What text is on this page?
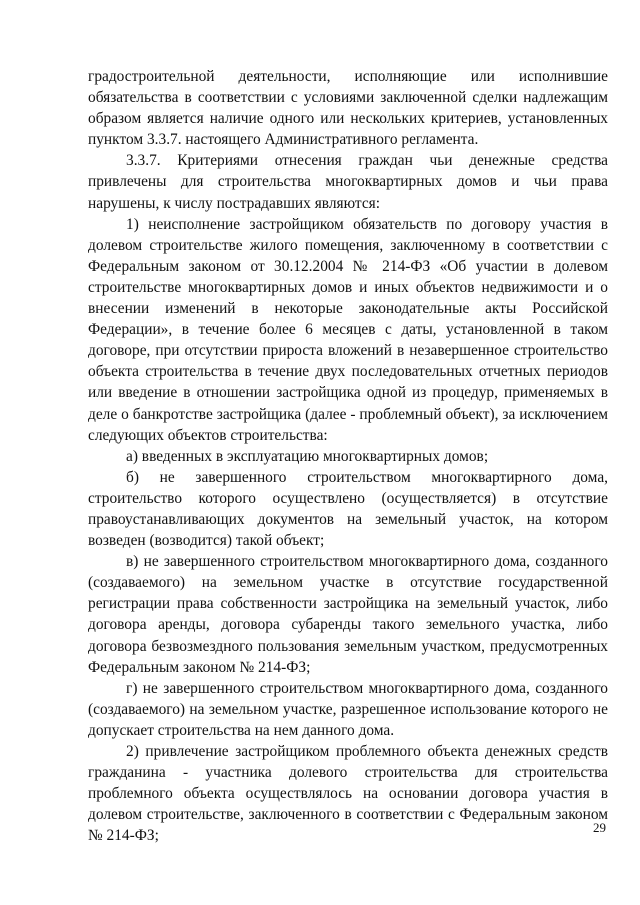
градостроительной деятельности, исполняющие или исполнившие обязательства в соответствии с условиями заключенной сделки надлежащим образом является наличие одного или нескольких критериев, установленных пунктом 3.3.7. настоящего Административного регламента.

3.3.7. Критериями отнесения граждан чьи денежные средства привлечены для строительства многоквартирных домов и чьи права нарушены, к числу пострадавших являются:

1) неисполнение застройщиком обязательств по договору участия в долевом строительстве жилого помещения, заключенному в соответствии с Федеральным законом от 30.12.2004 № 214-ФЗ «Об участии в долевом строительстве многоквартирных домов и иных объектов недвижимости и о внесении изменений в некоторые законодательные акты Российской Федерации», в течение более 6 месяцев с даты, установленной в таком договоре, при отсутствии прироста вложений в незавершенное строительство объекта строительства в течение двух последовательных отчетных периодов или введение в отношении застройщика одной из процедур, применяемых в деле о банкротстве застройщика (далее - проблемный объект), за исключением следующих объектов строительства:

а) введенных в эксплуатацию многоквартирных домов;

б) не завершенного строительством многоквартирного дома, строительство которого осуществлено (осуществляется) в отсутствие правоустанавливающих документов на земельный участок, на котором возведен (возводится) такой объект;

в) не завершенного строительством многоквартирного дома, созданного (создаваемого) на земельном участке в отсутствие государственной регистрации права собственности застройщика на земельный участок, либо договора аренды, договора субаренды такого земельного участка, либо договора безвозмездного пользования земельным участком, предусмотренных Федеральным законом № 214-ФЗ;

г) не завершенного строительством многоквартирного дома, созданного (создаваемого) на земельном участке, разрешенное использование которого не допускает строительства на нем данного дома.

2) привлечение застройщиком проблемного объекта денежных средств гражданина - участника долевого строительства для строительства проблемного объекта осуществлялось на основании договора участия в долевом строительстве, заключенного в соответствии с Федеральным законом № 214-ФЗ;	29
